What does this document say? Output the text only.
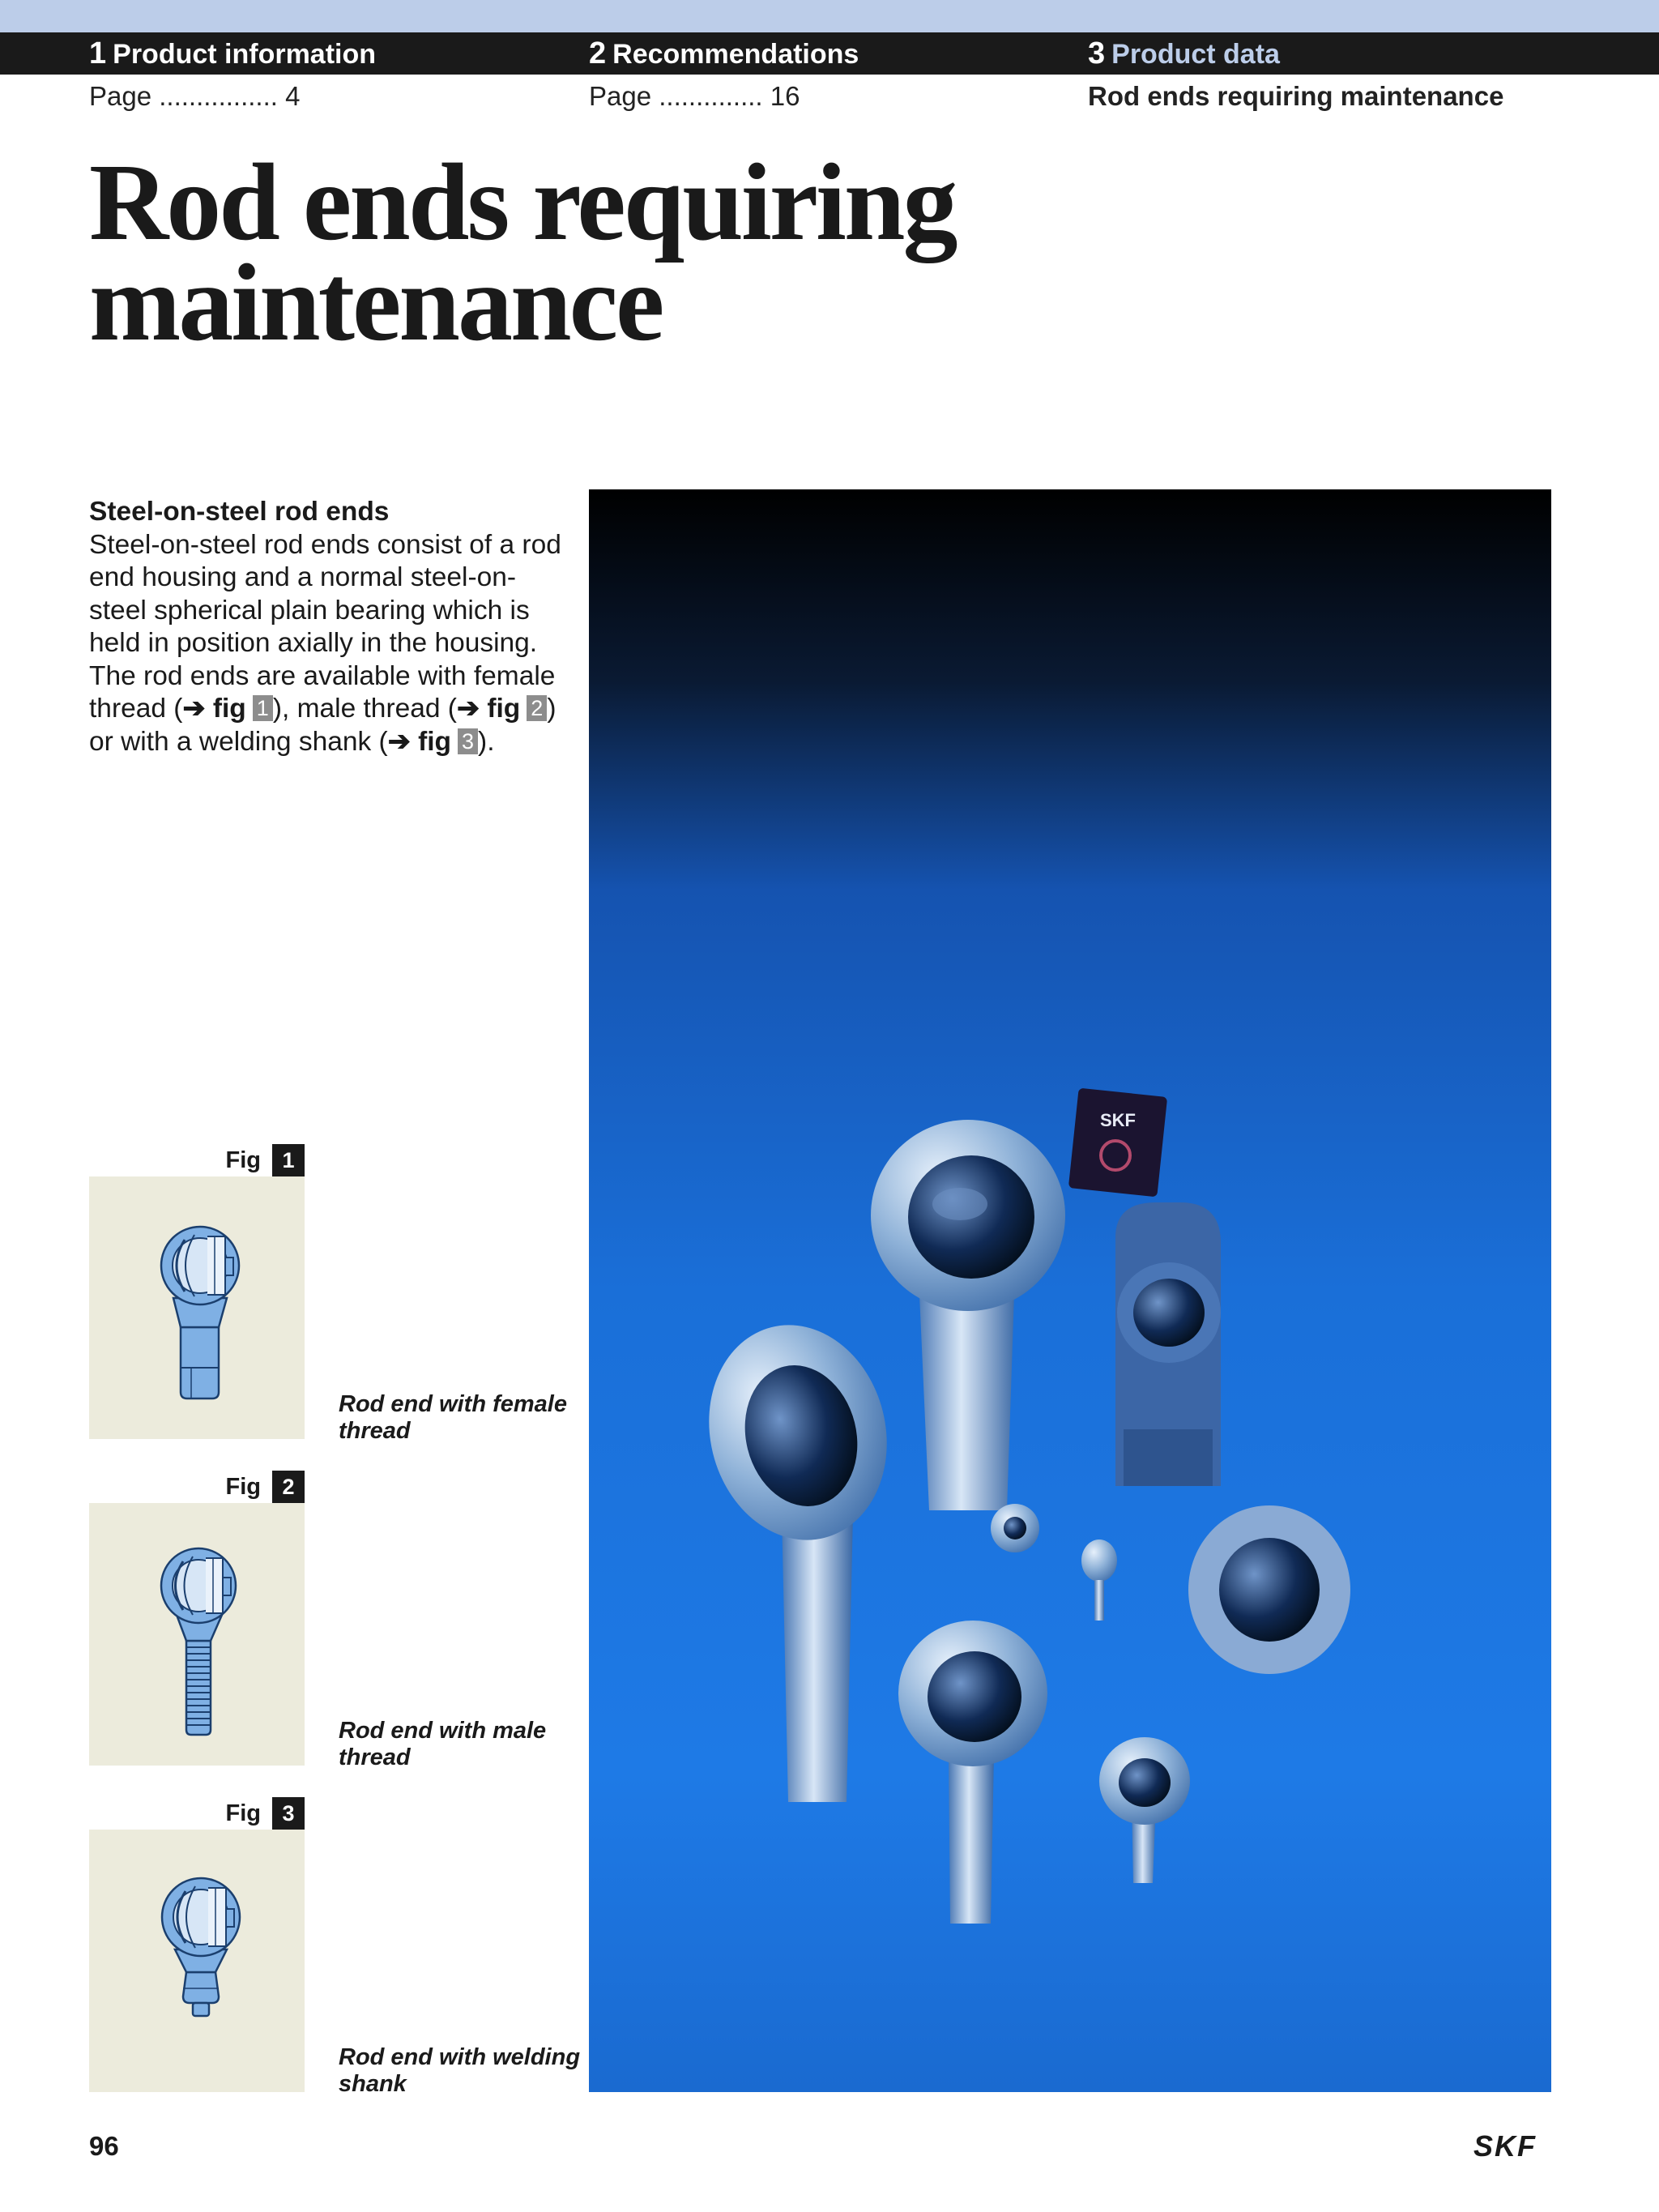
1 Product information	2 Recommendations	3 Product data
Page ................ 4	Page .............. 16	Rod ends requiring maintenance
Rod ends requiring
maintenance
Steel-on-steel rod ends

Steel-on-steel rod ends consist of a rod end housing and a normal steel-on-steel spherical plain bearing which is held in position axially in the housing. The rod ends are available with female thread (➔ fig 1 ), male thread (➔ fig 2 ) or with a welding shank (➔ fig 3 ).

Fig 1
Rod end with female thread
Fig 2
Rod end with male thread
Fig 3
Rod end with welding shank
SKF
96	SKF
